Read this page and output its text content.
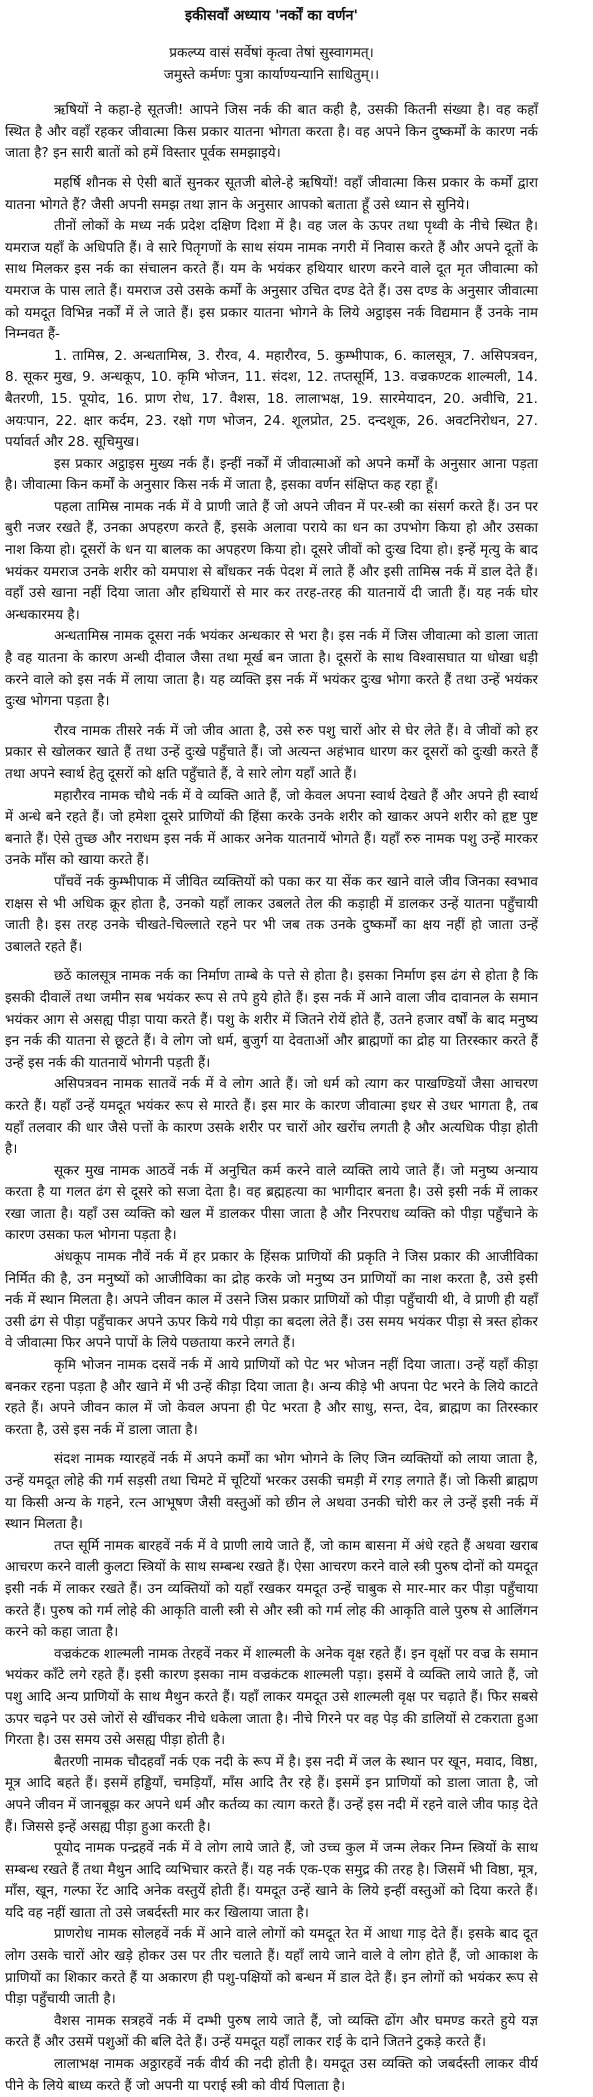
इकीसवाँ अध्याय 'नर्कों का वर्णन'

प्रकल्प्य वासं सर्वेषां कृत्वा तेषां सुस्वागमत्।

जमुस्ते कर्मणः पुत्रा कार्याण्यन्यानि साधितुम्।।

ऋषियों ने कहा-हे सूतजी! आपने जिस नर्क की बात कही है, उसकी कितनी संख्या है। वह कहाँ स्थित है और वहाँ रहकर जीवात्मा किस प्रकार यातना भोगता करता है। वह अपने किन दुष्कर्मों के कारण नर्क जाता है? इन सारी बातों को हमें विस्तार पूर्वक समझाइये।

महर्षि शौनक से ऐसी बातें सुनकर सूतजी बोले-हे ऋषियों! वहाँ जीवात्मा किस प्रकार के कर्मों द्वारा यातना भोगते हैं? जैसी अपनी समझ तथा ज्ञान के अनुसार आपको बताता हूँ उसे ध्यान से सुनिये।

तीनों लोकों के मध्य नर्क प्रदेश दक्षिण दिशा में है। वह जल के ऊपर तथा पृथ्वी के नीचे स्थित है। यमराज यहाँ के अधिपति हैं। वे सारे पितृगणों के साथ संयम नामक नगरी में निवास करते हैं और अपने दूतों के साथ मिलकर इस नर्क का संचालन करते हैं। यम के भयंकर हथियार धारण करने वाले दूत मृत जीवात्मा को यमराज के पास लाते हैं। यमराज उसे उसके कर्मों के अनुसार उचित दण्ड देते हैं। उस दण्ड के अनुसार जीवात्मा को यमदूत विभिन्न नर्कों में ले जाते हैं। इस प्रकार यातना भोगने के लिये अट्ठाइस नर्क विद्यमान हैं उनके नाम निम्नवत हैं-

1. तामिस्र, 2. अन्धतामिस्र, 3. रौरव, 4. महारौरव, 5. कुम्भीपाक, 6. कालसूत्र, 7. असिपत्रवन, 8. सूकर मुख, 9. अन्धकूप, 10. कृमि भोजन, 11. संदश, 12. तप्तसूर्मि, 13. वज्रकण्टक शाल्मली, 14. बैतरणी, 15. पूयोद, 16. प्राण रोध, 17. वैशस, 18. लालाभक्ष, 19. सारमेयादन, 20. अवीचि, 21. अयःपान, 22. क्षार कर्दम, 23. रक्षो गण भोजन, 24. शूलप्रोत, 25. दन्दशूक, 26. अवटनिरोधन, 27. पर्यावर्त और 28. सूचिमुख।

इस प्रकार अट्ठाइस मुख्य नर्क हैं। इन्हीं नर्कों में जीवात्माओं को अपने कर्मों के अनुसार आना पड़ता है। जीवात्मा किन कर्मों के अनुसार किस नर्क में जाता है, इसका वर्णन संक्षिप्त कह रहा हूँ।

पहला तामिस्र नामक नर्क में वे प्राणी जाते हैं जो अपने जीवन में पर-स्त्री का संसर्ग करते हैं। उन पर बुरी नजर रखते हैं, उनका अपहरण करते हैं, इसके अलावा पराये का धन का उपभोग किया हो और उसका नाश किया हो। दूसरों के धन या बालक का अपहरण किया हो। दूसरे जीवों को दुःख दिया हो। इन्हें मृत्यु के बाद भयंकर यमराज उनके शरीर को यमपाश से बाँधकर नर्क पेदश में लाते हैं और इसी तामिस्र नर्क में डाल देते हैं। वहाँ उसे खाना नहीं दिया जाता और हथियारों से मार कर तरह-तरह की यातनायें दी जाती हैं। यह नर्क घोर अन्धकारमय है।

अन्धतामिस्र नामक दूसरा नर्क भयंकर अन्धकार से भरा है। इस नर्क में जिस जीवात्मा को डाला जाता है वह यातना के कारण अन्धी दीवाल जैसा तथा मूर्ख बन जाता है। दूसरों के साथ विश्वासघात या धोखा धड़ी करने वाले को इस नर्क में लाया जाता है। यह व्यक्ति इस नर्क में भयंकर दुःख भोगा करते हैं तथा उन्हें भयंकर दुःख भोगना पड़ता है।

रौरव नामक तीसरे नर्क में जो जीव आता है, उसे रुरु पशु चारों ओर से घेर लेते हैं। वे जीवों को हर प्रकार से खोलकर खाते हैं तथा उन्हें दुःखे पहुँचाते हैं। जो अत्यन्त अहंभाव धारण कर दूसरों को दुःखी करते हैं तथा अपने स्वार्थ हेतु दूसरों को क्षति पहुँचाते हैं, वे सारे लोग यहाँ आते हैं।

महारौरव नामक चौथे नर्क में वे व्यक्ति आते हैं, जो केवल अपना स्वार्थ देखते हैं और अपने ही स्वार्थ में अन्धे बने रहते हैं। जो हमेशा दूसरे प्राणियों की हिंसा करके उनके शरीर को खाकर अपने शरीर को हृष्ट पुष्ट बनाते हैं। ऐसे तुच्छ और नराधम इस नर्क में आकर अनेक यातनायें भोगते हैं। यहाँ रुरु नामक पशु उन्हें मारकर उनके माँस को खाया करते हैं।

पाँचवें नर्क कुम्भीपाक में जीवित व्यक्तियों को पका कर या सेंक कर खाने वाले जीव जिनका स्वभाव राक्षस से भी अधिक क्रूर होता है, उनको यहाँ लाकर उबलते तेल की कड़ाही में डालकर उन्हें यातना पहुँचायी जाती है। इस तरह उनके चीखते-चिल्लाते रहने पर भी जब तक उनके दुष्कर्मों का क्षय नहीं हो जाता उन्हें उबालते रहते हैं।

छठें कालसूत्र नामक नर्क का निर्माण ताम्बे के पत्ते से होता है। इसका निर्माण इस ढंग से होता है कि इसकी दीवालें तथा जमीन सब भयंकर रूप से तपे हुये होते हैं। इस नर्क में आने वाला जीव दावानल के समान भयंकर आग से असह्य पीड़ा पाया करते हैं। पशु के शरीर में जितने रोयें होते हैं, उतने हजार वर्षों के बाद मनुष्य इन नर्क की यातना से छूटते हैं। वे लोग जो धर्म, बुजुर्ग या देवताओं और ब्राह्मणों का द्रोह या तिरस्कार करते हैं उन्हें इस नर्क की यातनायें भोगनी पड़ती हैं।

असिपत्रवन नामक सातवें नर्क में वे लोग आते हैं। जो धर्म को त्याग कर पाखण्डियों जैसा आचरण करते हैं। यहाँ उन्हें यमदूत भयंकर रूप से मारते हैं। इस मार के कारण जीवात्मा इधर से उधर भागता है, तब यहाँ तलवार की धार जैसे पत्तों के कारण उसके शरीर पर चारों ओर खरोंच लगती है और अत्यधिक पीड़ा होती है।

सूकर मुख नामक आठवें नर्क में अनुचित कर्म करने वाले व्यक्ति लाये जाते हैं। जो मनुष्य अन्याय करता है या गलत ढंग से दूसरे को सजा देता है। वह ब्रह्महत्या का भागीदार बनता है। उसे इसी नर्क में लाकर रखा जाता है। यहाँ उस व्यक्ति को खल में डालकर पीसा जाता है और निरपराध व्यक्ति को पीड़ा पहुँचाने के कारण उसका फल भोगना पड़ता है।

अंधकूप नामक नौवें नर्क में हर प्रकार के हिंसक प्राणियों की प्रकृति ने जिस प्रकार की आजीविका निर्मित की है, उन मनुष्यों को आजीविका का द्रोह करके जो मनुष्य उन प्राणियों का नाश करता है, उसे इसी नर्क में स्थान मिलता है। अपने जीवन काल में उसने जिस प्रकार प्राणियों को पीड़ा पहुँचायी थी, वे प्राणी ही यहाँ उसी ढंग से पीड़ा पहुँचाकर अपने ऊपर किये गये पीड़ा का बदला लेते हैं। उस समय भयंकर पीड़ा से त्रस्त होकर वे जीवात्मा फिर अपने पापों के लिये पछताया करने लगते हैं।

कृमि भोजन नामक दसवें नर्क में आये प्राणियों को पेट भर भोजन नहीं दिया जाता। उन्हें यहाँ कीड़ा बनकर रहना पड़ता है और खाने में भी उन्हें कीड़ा दिया जाता है। अन्य कीड़े भी अपना पेट भरने के लिये काटते रहते हैं। अपने जीवन काल में जो केवल अपना ही पेट भरता है और साधु, सन्त, देव, ब्राह्मण का तिरस्कार करता है, उसे इस नर्क में डाला जाता है।

संदश नामक ग्यारहवें नर्क में अपने कर्मों का भोग भोगने के लिए जिन व्यक्तियों को लाया जाता है, उन्हें यमदूत लोहे की गर्म सड़सी तथा चिमटे में चूटियों भरकर उसकी चमड़ी में रगड़ लगाते हैं। जो किसी ब्राह्मण या किसी अन्य के गहने, रत्न आभूषण जैसी वस्तुओं को छीन ले अथवा उनकी चोरी कर ले उन्हें इसी नर्क में स्थान मिलता है।

तप्त सूर्मि नामक बारहवें नर्क में वे प्राणी लाये जाते हैं, जो काम बासना में अंधे रहते हैं अथवा खराब आचरण करने वाली कुलटा स्त्रियों के साथ सम्बन्ध रखते हैं। ऐसा आचरण करने वाले स्त्री पुरुष दोनों को यमदूत इसी नर्क में लाकर रखते हैं। उन व्यक्तियों को यहाँ रखकर यमदूत उन्हें चाबुक से मार-मार कर पीड़ा पहुँचाया करते हैं। पुरुष को गर्म लोहे की आकृति वाली स्त्री से और स्त्री को गर्म लोह की आकृति वाले पुरुष से आलिंगन करने को कहा जाता है।

वज्रकंटक शाल्मली नामक तेरहवें नकर में शाल्मली के अनेक वृक्ष रहते हैं। इन वृक्षों पर वज्र के समान भयंकर काँटे लगे रहते हैं। इसी कारण इसका नाम वज्रकंटक शाल्मली पड़ा। इसमें वे व्यक्ति लाये जाते हैं, जो पशु आदि अन्य प्राणियों के साथ मैथुन करते हैं। यहाँ लाकर यमदूत उसे शाल्मली वृक्ष पर चढ़ाते हैं। फिर सबसे ऊपर चढ़ने पर उसे जोरों से खींचकर नीचे धकेला जाता है। नीचे गिरने पर वह पेड़ की डालियों से टकराता हुआ गिरता है। उस समय उसे असह्य पीड़ा होती है।

बैतरणी नामक चौदहवाँ नर्क एक नदी के रूप में है। इस नदी में जल के स्थान पर खून, मवाद, विष्ठा, मूत्र आदि बहते हैं। इसमें हड्डियाँ, चमड़ियाँ, माँस आदि तैर रहे हैं। इसमें इन प्राणियों को डाला जाता है, जो अपने जीवन में जानबूझ कर अपने धर्म और कर्तव्य का त्याग करते हैं। उन्हें इस नदी में रहने वाले जीव फाड़ देते हैं। जिससे इन्हें असह्य पीड़ा हुआ करती है।

पूयोद नामक पन्द्रहवें नर्क में वे लोग लाये जाते हैं, जो उच्च कुल में जन्म लेकर निम्न स्त्रियों के साथ सम्बन्ध रखते हैं तथा मैथुन आदि व्यभिचार करते हैं। यह नर्क एक-एक समुद्र की तरह है। जिसमें भी विष्ठा, मूत्र, माँस, खून, गल्फा रेंट आदि अनेक वस्तुयें होती हैं। यमदूत उन्हें खाने के लिये इन्हीं वस्तुओं को दिया करते हैं। यदि वह नहीं खाता तो उसे जबर्दस्ती मार कर खिलाया जाता है।

प्राणरोध नामक सोलहवें नर्क में आने वाले लोगों को यमदूत रेत में आधा गाड़ देते हैं। इसके बाद दूत लोग उसके चारों ओर खड़े होकर उस पर तीर चलाते हैं। यहाँ लाये जाने वाले वे लोग होते हैं, जो आकाश के प्राणियों का शिकार करते हैं या अकारण ही पशु-पक्षियों को बन्धन में डाल देते हैं। इन लोगों को भयंकर रूप से पीड़ा पहुँचायी जाती है।

वैशस नामक सत्रहवें नर्क में दम्भी पुरुष लाये जाते हैं, जो व्यक्ति ढोंग और घमण्ड करते हुये यज्ञ करते हैं और उसमें पशुओं की बलि देते हैं। उन्हें यमदूत यहाँ लाकर राई के दाने जितने टुकड़े करते हैं।

लालाभक्ष नामक अठ्ठारहवें नर्क वीर्य की नदी होती है। यमदूत उस व्यक्ति को जबर्दस्ती लाकर वीर्य पीने के लिये बाध्य करते हैं जो अपनी या पराई स्त्री को वीर्य पिलाता है।
